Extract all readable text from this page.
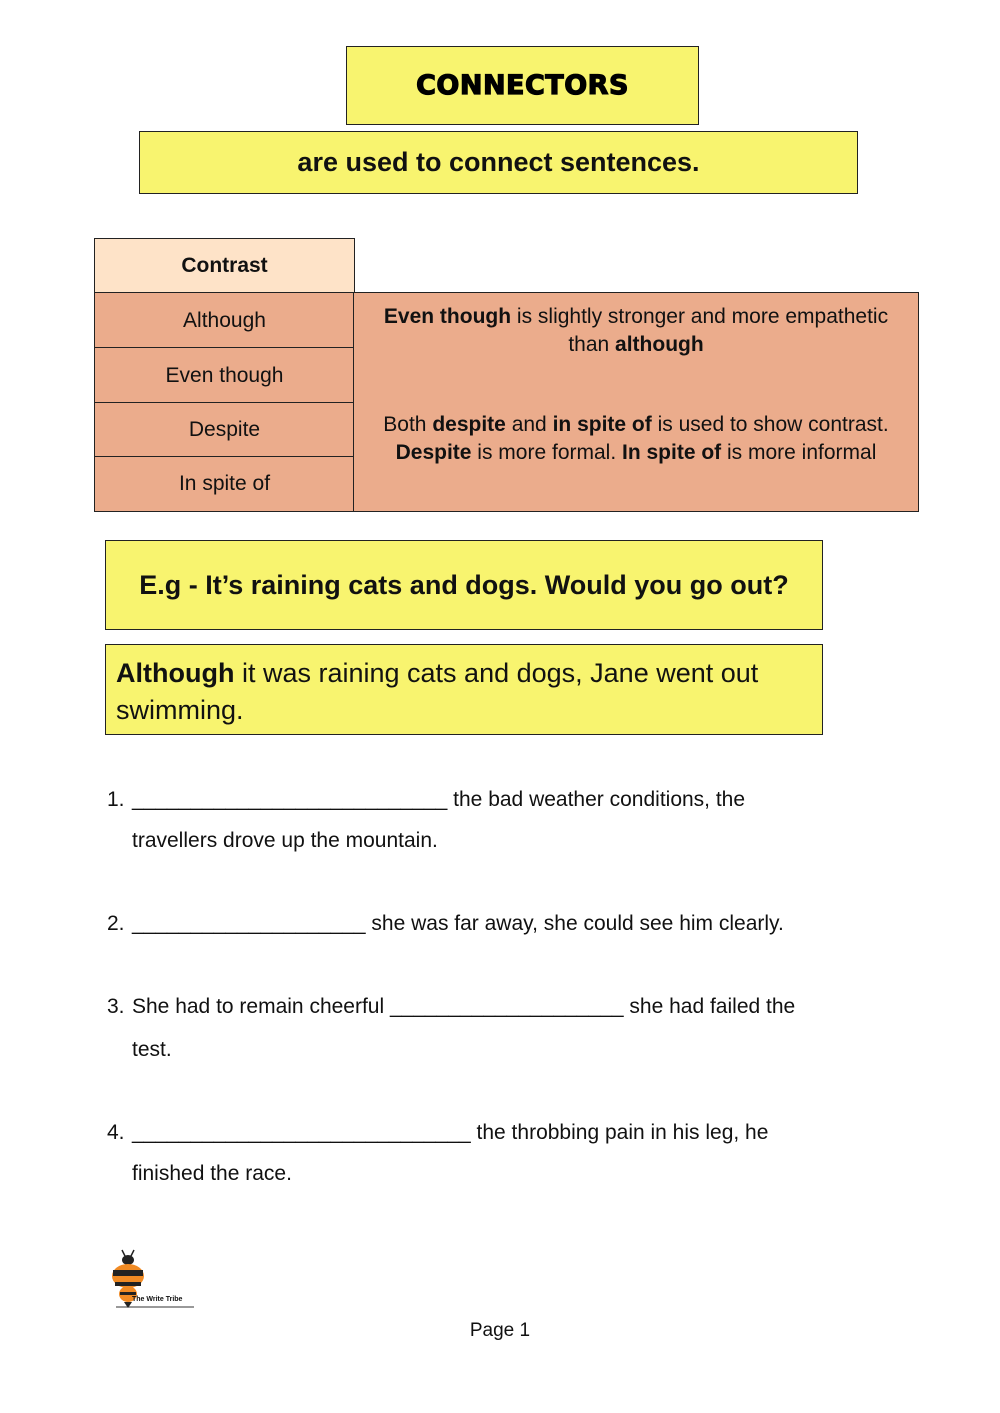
CONNECTORS
are used to connect sentences.
Contrast
Although
Even though
Despite
In spite of
Even though is slightly stronger and more empathetic than although
Both despite and in spite of is used to show contrast. Despite is more formal. In spite of is more informal
E.g - It’s raining cats and dogs. Would you go out?
Although it was raining cats and dogs, Jane went out swimming.
1. ___________________________ the bad weather conditions, the
travellers drove up the mountain.
2. ____________________ she was far away, she could see him clearly.
3. She had to remain cheerful ____________________ she had failed the
test.
4. _____________________________ the throbbing pain in his leg, he
finished the race.
The Write Tribe
Page 1
